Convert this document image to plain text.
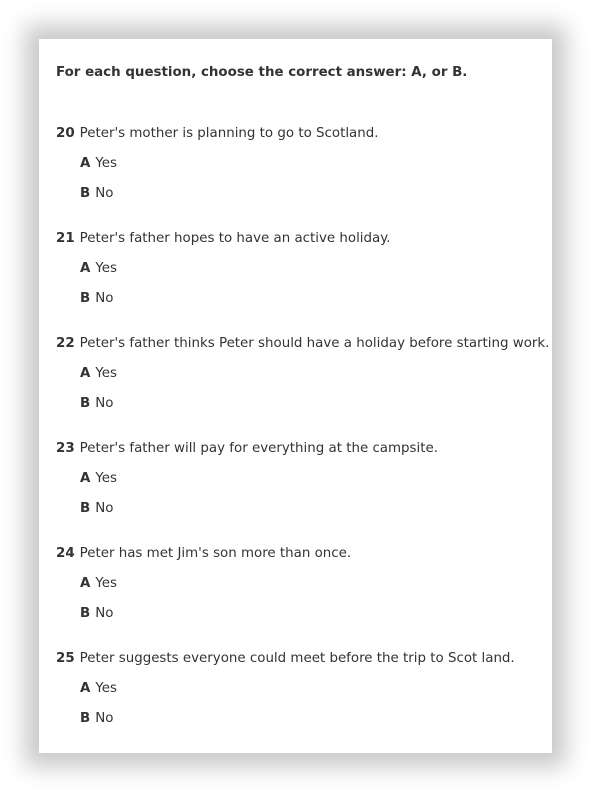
For each question, choose the correct answer: A, or B.
20 Peter's mother is planning to go to Scotland.
A Yes
B No
21 Peter's father hopes to have an active holiday.
A Yes
B No
22 Peter's father thinks Peter should have a holiday before starting work.
A Yes
B No
23 Peter's father will pay for everything at the campsite.
A Yes
B No
24 Peter has met Jim's son more than once.
A Yes
B No
25 Peter suggests everyone could meet before the trip to Scot land.
A Yes
B No
